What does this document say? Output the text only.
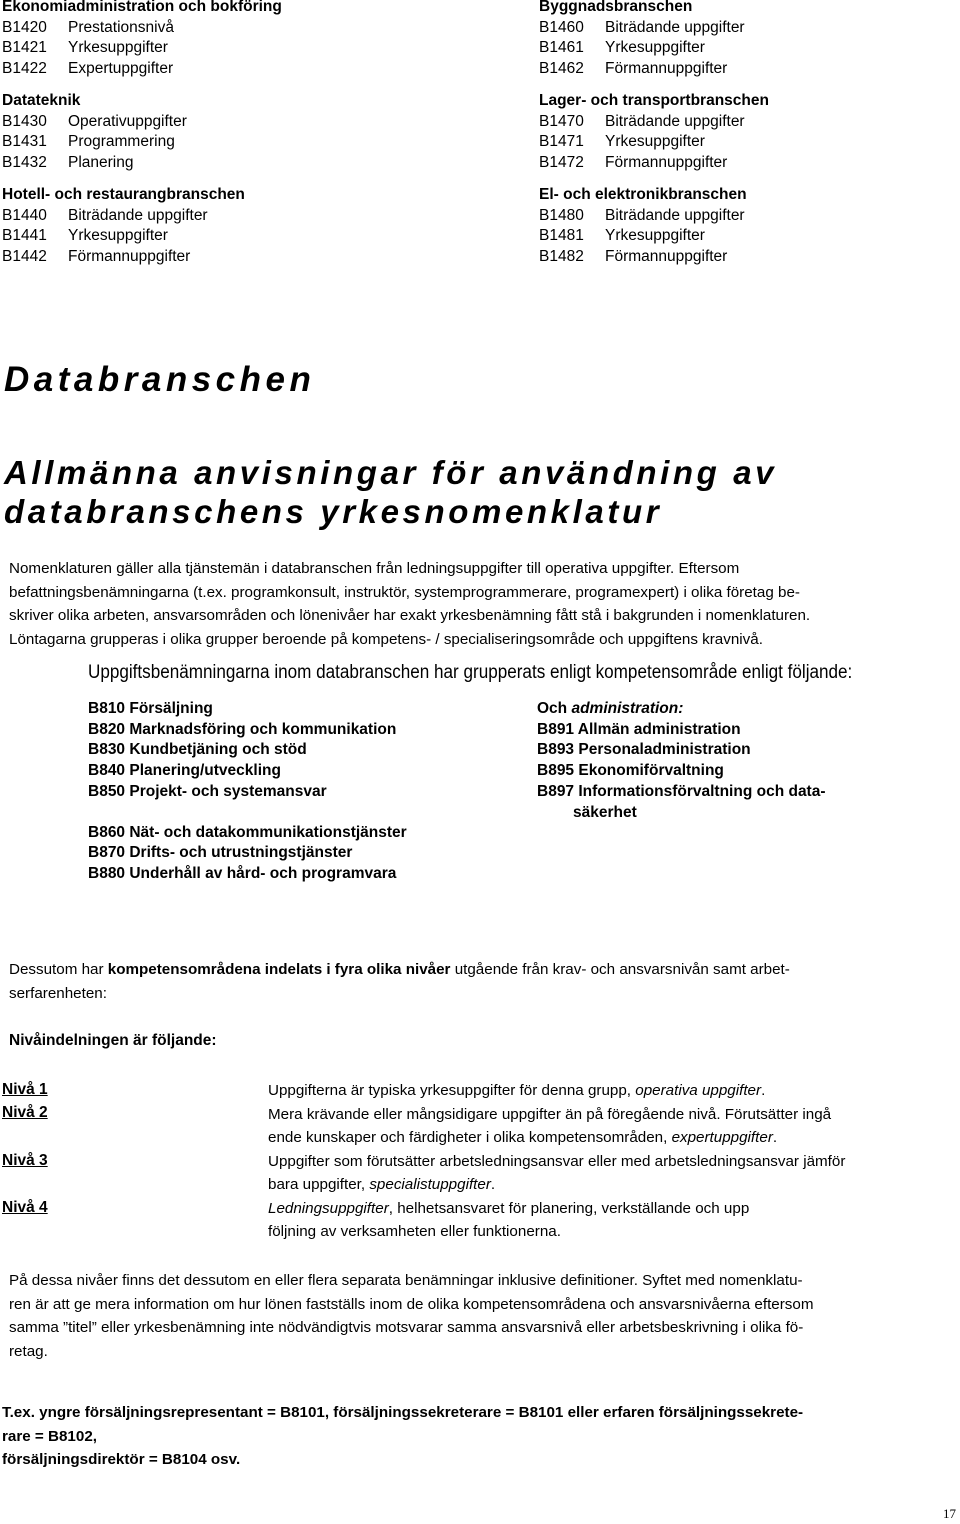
Ekonomiadministration och bokföring
B1420 Prestationsnivå
B1421 Yrkesuppgifter
B1422 Expertuppgifter
Datateknik
B1430 Operativuppgifter
B1431 Programmering
B1432 Planering
Hotell- och restaurangbranschen
B1440 Biträdande uppgifter
B1441 Yrkesuppgifter
B1442 Förmannuppgifter
Byggnadsbranschen
B1460 Biträdande uppgifter
B1461 Yrkesuppgifter
B1462 Förmannuppgifter
Lager- och transportbranschen
B1470 Biträdande uppgifter
B1471 Yrkesuppgifter
B1472 Förmannuppgifter
El- och elektronikbranschen
B1480 Biträdande uppgifter
B1481 Yrkesuppgifter
B1482 Förmannuppgifter
Databranschen
Allmänna anvisningar för användning av
databranschens yrkesnomenklatur
Nomenklaturen gäller alla tjänstemän i databranschen från ledningsuppgifter till operativa uppgifter. Eftersom
befattningsbenämningarna (t.ex. programkonsult, instruktör, systemprogrammerare, programexpert) i olika företag be-
skriver olika arbeten, ansvarsområden och lönenivåer har exakt yrkesbenämning fått stå i bakgrunden i nomenklaturen.
Löntagarna grupperas i olika grupper beroende på kompetens- / specialiseringsområde och uppgiftens kravnivå.
Uppgiftsbenämningarna inom databranschen har grupperats enligt kompetensområde enligt följande:
B810 Försäljning
B820 Marknadsföring och kommunikation
B830 Kundbetjäning och stöd
B840 Planering/utveckling
B850 Projekt- och systemansvar
B860 Nät- och datakommunikationstjänster
B870 Drifts- och utrustningstjänster
B880 Underhåll av hård- och programvara
Och administration:
B891 Allmän administration
B893 Personaladministration
B895 Ekonomiförvaltning
B897 Informationsförvaltning och data-
säkerhet
Dessutom har kompetensområdena indelats i fyra olika nivåer utgående från krav- och ansvarsnivån samt arbet-
serfarenheten:
Nivåindelningen är följande:
Nivå 1
Nivå 2
Nivå 3
Nivå 4
Uppgifterna är typiska yrkesuppgifter för denna grupp, operativa uppgifter.
Mera krävande eller mångsidigare uppgifter än på föregående nivå. Förutsätter ingå
ende kunskaper och färdigheter i olika kompetensområden, expertuppgifter.
Uppgifter som förutsätter arbetsledningsansvar eller med arbetsledningsansvar jämför
bara uppgifter, specialistuppgifter.
Ledningsuppgifter, helhetsansvaret för planering, verkställande och upp
följning av verksamheten eller funktionerna.
På dessa nivåer finns det dessutom en eller flera separata benämningar inklusive definitioner. Syftet med nomenklatu-
ren är att ge mera information om hur lönen fastställs inom de olika kompetensområdena och ansvarsnivåerna eftersom
samma ”titel” eller yrkesbenämning inte nödvändigtvis motsvarar samma ansvarsnivå eller arbetsbeskrivning i olika fö-
retag.
T.ex. yngre försäljningsrepresentant = B8101, försäljningssekreterare = B8101 eller erfaren försäljningssekrete-
rare = B8102,
försäljningsdirektör = B8104 osv.
17
